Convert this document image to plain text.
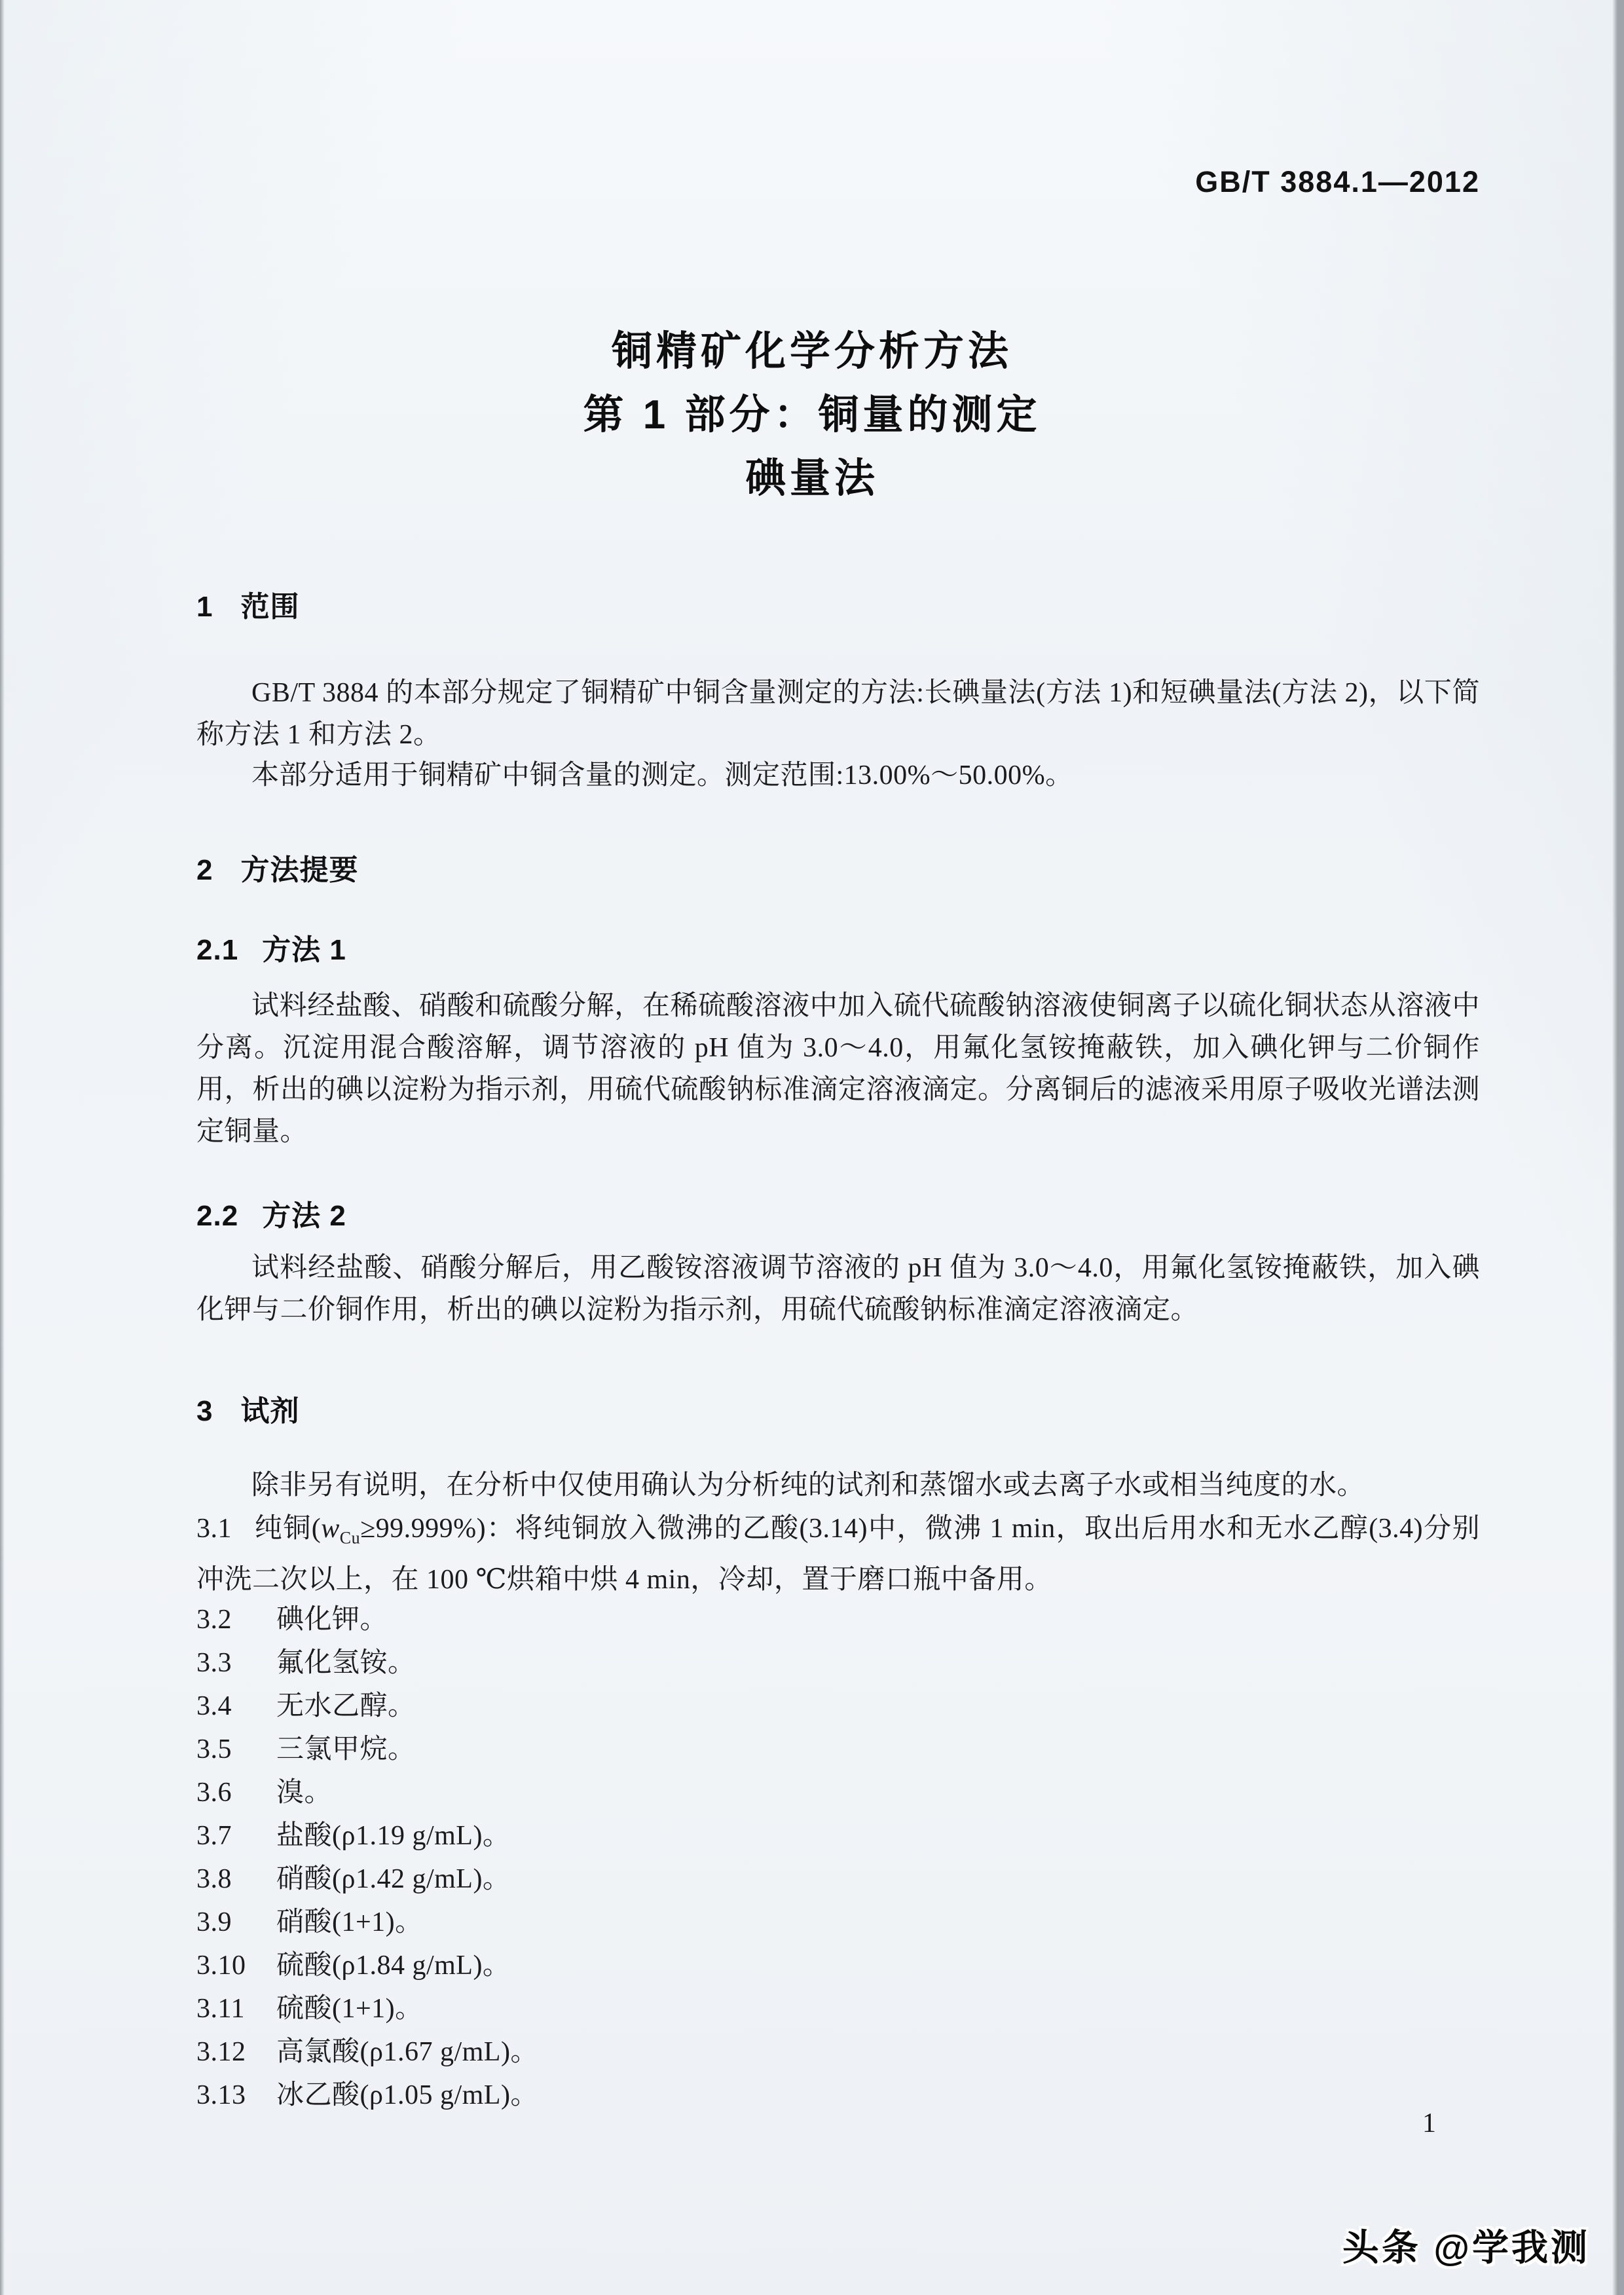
GB/T 3884.1—2012
铜精矿化学分析方法
第 1 部分：铜量的测定
碘量法
1 范围
GB/T 3884 的本部分规定了铜精矿中铜含量测定的方法:长碘量法(方法 1)和短碘量法(方法 2)，以下简称方法 1 和方法 2。
本部分适用于铜精矿中铜含量的测定。测定范围:13.00%～50.00%。
2 方法提要
2.1 方法 1
试料经盐酸、硝酸和硫酸分解，在稀硫酸溶液中加入硫代硫酸钠溶液使铜离子以硫化铜状态从溶液中分离。沉淀用混合酸溶解，调节溶液的 pH 值为 3.0～4.0，用氟化氢铵掩蔽铁，加入碘化钾与二价铜作用，析出的碘以淀粉为指示剂，用硫代硫酸钠标准滴定溶液滴定。分离铜后的滤液采用原子吸收光谱法测定铜量。
2.2 方法 2
试料经盐酸、硝酸分解后，用乙酸铵溶液调节溶液的 pH 值为 3.0～4.0，用氟化氢铵掩蔽铁，加入碘化钾与二价铜作用，析出的碘以淀粉为指示剂，用硫代硫酸钠标准滴定溶液滴定。
3 试剂
除非另有说明，在分析中仅使用确认为分析纯的试剂和蒸馏水或去离子水或相当纯度的水。
3.1 纯铜$(w_{Cu}\ge 99.999\%)$：将纯铜放入微沸的乙酸(3.14)中，微沸 1 min，取出后用水和无水乙醇(3.4)分别冲洗二次以上，在 100 ℃烘箱中烘 4 min，冷却，置于磨口瓶中备用。
3.2 碘化钾。
3.3 氟化氢铵。
3.4 无水乙醇。
3.5 三氯甲烷。
3.6 溴。
3.7 盐酸(ρ1.19 g/mL)。
3.8 硝酸(ρ1.42 g/mL)。
3.9 硝酸(1+1)。
3.10 硫酸(ρ1.84 g/mL)。
3.11 硫酸(1+1)。
3.12 高氯酸(ρ1.67 g/mL)。
3.13 冰乙酸(ρ1.05 g/mL)。
1
头条 @学我测
